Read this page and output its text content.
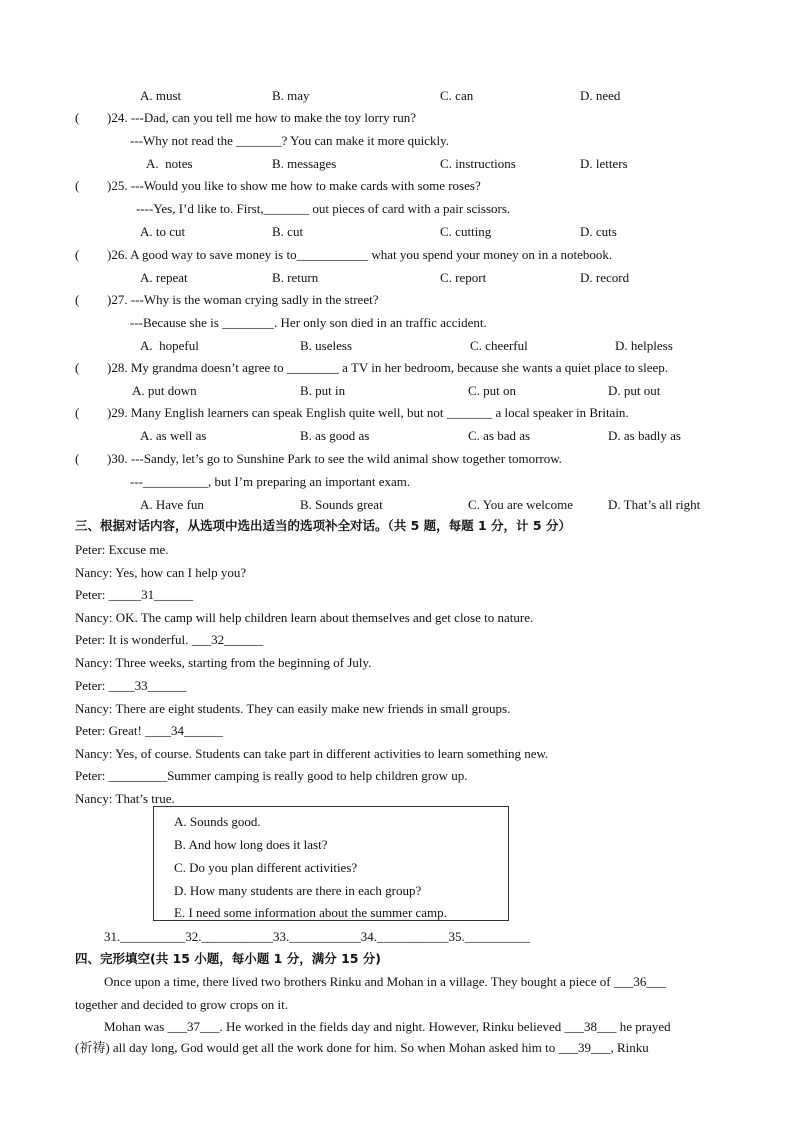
A. must	B. may	C. can	D. need
( )24. ---Dad, can you tell me how to make the toy lorry run?
---Why not read the _______? You can make it more quickly.
A.  notes	B. messages	C. instructions	D. letters
( )25. ---Would you like to show me how to make cards with some roses?
----Yes, I’d like to. First,_______ out pieces of card with a pair scissors.
A. to cut	B. cut	C. cutting	D. cuts
( )26. A good way to save money is to___________ what you spend your money on in a notebook.
A. repeat	B. return	C. report	D. record
( )27. ---Why is the woman crying sadly in the street?
---Because she is ________. Her only son died in an traffic accident.
A.  hopeful	B. useless	C. cheerful	D. helpless
( )28. My grandma doesn’t agree to ________ a TV in her bedroom, because she wants a quiet place to sleep.
A. put down	B. put in	C. put on	D. put out
( )29. Many English learners can speak English quite well, but not _______ a local speaker in Britain.
A. as well as	B. as good as	C. as bad as	D. as badly as
( )30. ---Sandy, let’s go to Sunshine Park to see the wild animal show together tomorrow.
---__________, but I’m preparing an important exam.
A. Have fun	B. Sounds great	C. You are welcome	D. That’s all right
三、根据对话内容，从选项中选出适当的选项补全对话。（共 5 题，每题 1 分，计 5 分）
Peter: Excuse me.
Nancy: Yes, how can I help you?
Peter: _____31______
Nancy: OK. The camp will help children learn about themselves and get close to nature.
Peter: It is wonderful. ___32______
Nancy: Three weeks, starting from the beginning of July.
Peter: ____33______
Nancy: There are eight students. They can easily make new friends in small groups.
Peter: Great! ____34______
Nancy: Yes, of course. Students can take part in different activities to learn something new.
Peter: _________Summer camping is really good to help children grow up.
Nancy: That’s true.
A. Sounds good.
B. And how long does it last?
C. Do you plan different activities?
D. How many students are there in each group?
E. I need some information about the summer camp.
31.__________32.___________33.___________34.___________35.__________
四、完形填空(共 15 小题，每小题 1 分，满分 15 分)
Once upon a time, there lived two brothers Rinku and Mohan in a village. They bought a piece of ___36___
together and decided to grow crops on it.
Mohan was ___37___. He worked in the fields day and night. However, Rinku believed ___38___ he prayed
(祈祷) all day long, God would get all the work done for him. So when Mohan asked him to ___39___, Rinku
